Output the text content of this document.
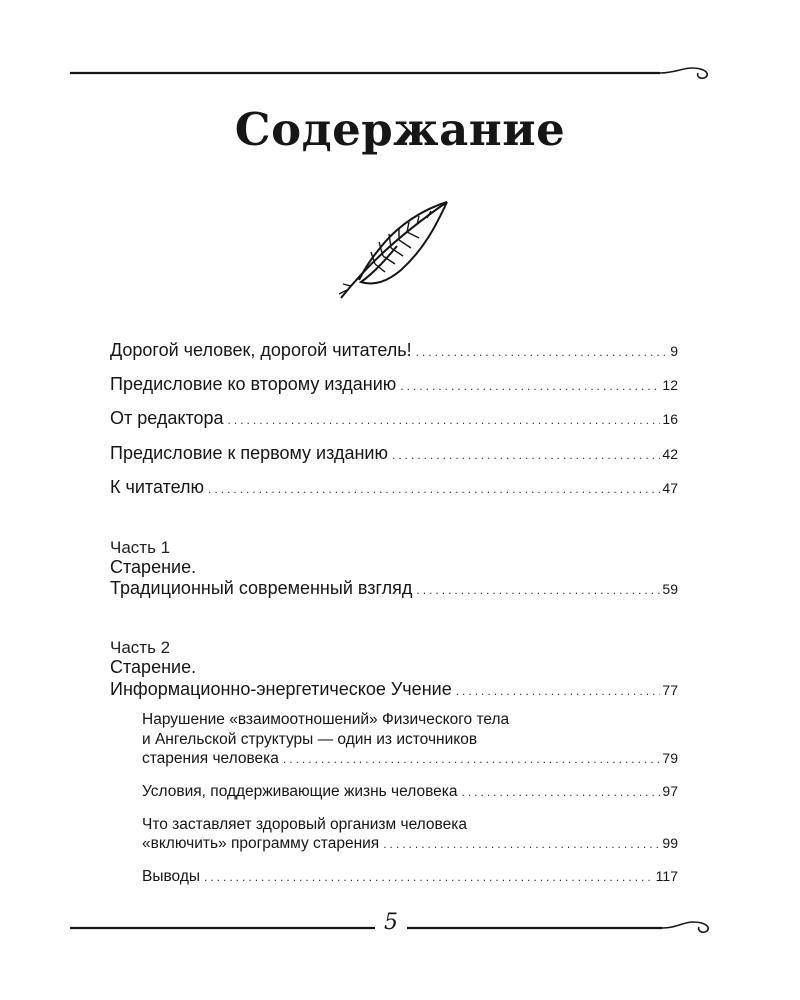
Содержание
Дорогой человек, дорогой читатель! .....	9
Предисловие ко второму изданию .....	12
От редактора .....	16
Предисловие к первому изданию .....	42
К читателю .....	47
Часть 1
Старение.
Традиционный современный взгляд .....	59
Часть 2
Старение.
Информационно-энергетическое Учение .....	77
Нарушение «взаимоотношений» Физического тела
и Ангельской структуры — один из источников
старения человека .....	79
Условия, поддерживающие жизнь человека .....	97
Что заставляет здоровый организм человека
«включить» программу старения .....	99
Выводы .....	117
5
